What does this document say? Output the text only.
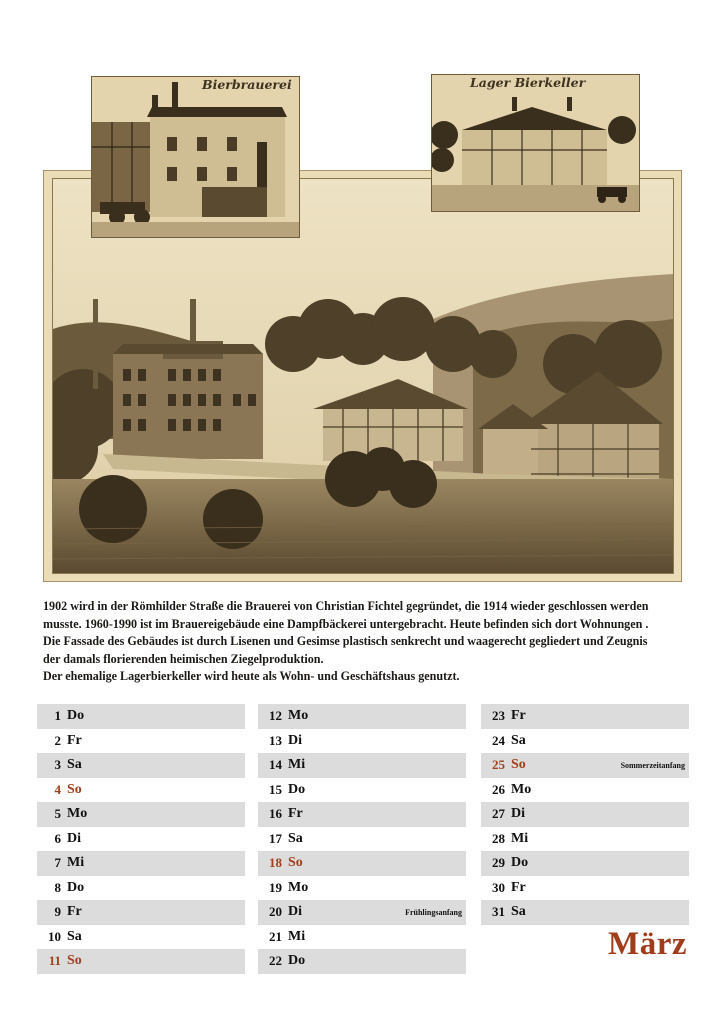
Bierbrauerei	Lager Bierkeller

1902 wird in der Römhilder Straße die Brauerei von Christian Fichtel gegründet, die 1914 wieder geschlossen werden

musste. 1960-1990 ist im Brauereigebäude eine Dampfbäckerei untergebracht. Heute befinden sich dort Wohnungen .

Die Fassade des Gebäudes ist durch Lisenen und Gesimse plastisch senkrecht und waagerecht gegliedert und Zeugnis

der damals florierenden heimischen Ziegelproduktion.

Der ehemalige Lagerbierkeller wird heute als Wohn- und Geschäftshaus genutzt.

1 Do
2 Fr
3 Sa
4 So
5 Mo
6 Di
7 Mi
8 Do
9 Fr
10 Sa
11 So
12 Mo
13 Di
14 Mi
15 Do
16 Fr
17 Sa
18 So
19 Mo
20 Di	Frühlingsanfang
21 Mi
22 Do
23 Fr
24 Sa
25 So	Sommerzeitanfang
26 Mo
27 Di
28 Mi
29 Do
30 Fr
31 Sa
März
